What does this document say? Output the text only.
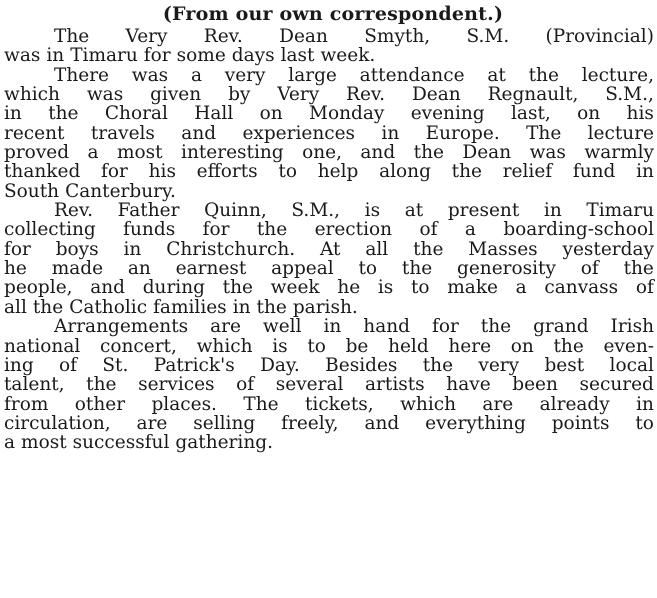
(From our own correspondent.)
The Very Rev. Dean Smyth, S.M. (Provincial)
was in Timaru for some days last week.
There was a very large attendance at the lecture,
which was given by Very Rev. Dean Regnault, S.M.,
in the Choral Hall on Monday evening last, on his
recent travels and experiences in Europe. The lecture
proved a most interesting one, and the Dean was warmly
thanked for his efforts to help along the relief fund in
South Canterbury.
Rev. Father Quinn, S.M., is at present in Timaru
collecting funds for the erection of a boarding-school
for boys in Christchurch. At all the Masses yesterday
he made an earnest appeal to the generosity of the
people, and during the week he is to make a canvass of
all the Catholic families in the parish.
Arrangements are well in hand for the grand Irish
national concert, which is to be held here on the even-
ing of St. Patrick's Day. Besides the very best local
talent, the services of several artists have been secured
from other places. The tickets, which are already in
circulation, are selling freely, and everything points to
a most successful gathering.
